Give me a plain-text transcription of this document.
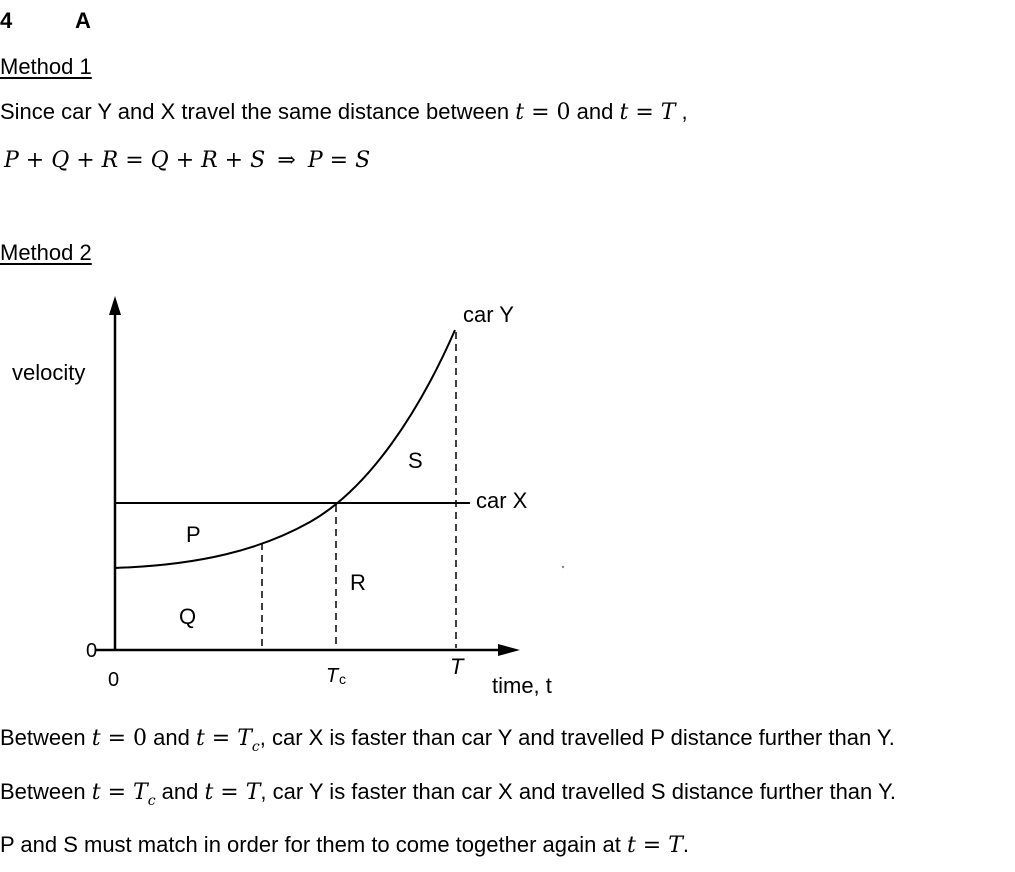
4	A
Method 1
Since car Y and X travel the same distance between t = 0 and t = T ,
P + Q + R = Q + R + S ⇒ P = S
Method 2
velocity
0
0
P
Q
R
S
car Y
car X
T c	T
time, t
Between t = 0 and $t = T_c$, car X is faster than car Y and travelled P distance further than Y.
Between $t = T_c$ and t = T, car Y is faster than car X and travelled S distance further than Y.
P and S must match in order for them to come together again at t = T.
